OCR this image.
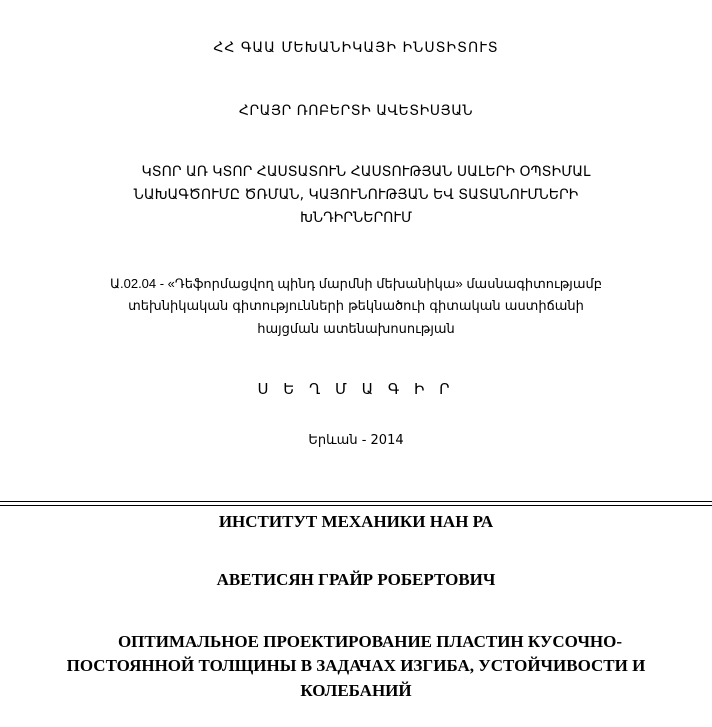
ՀՀ ԳԱԱ ՄԵԽԱՆԻԿԱՅԻ ԻՆՍՏԻՏՈՒՏ
ՀՐԱՅՐ ՌՈԲԵՐՏԻ ԱՎԵՏԻՍՅԱՆ
ԿՏՈՐ ԱՌ ԿՏՈՐ ՀԱՍՏԱՏՈՒՆ ՀԱՍՏՈՒԹՅԱՆ ՍԱԼԵՐԻ ՕՊՏԻՄԱԼ
ՆԱԽԱԳԾՈՒՄԸ ԾՌՄԱՆ, ԿԱՅՈՒՆՈՒԹՅԱՆ ԵՎ ՏԱՏԱՆՈՒՄՆԵՐԻ
ԽՆԴԻՐՆԵՐՈՒՄ
Ա.02.04 - «Դեֆորմացվող պինդ մարմնի մեխանիկա» մասնագիտությամբ
տեխնիկական գիտությունների թեկնածուի գիտական աստիճանի
հայցման ատենախոսության
Ս Ե Ղ Մ Ա Գ Ի Ր
Երևան - 2014
ИНСТИТУТ МЕХАНИКИ НАН РА
АВЕТИСЯН ГРАЙР РОБЕРТОВИЧ
ОПТИМАЛЬНОЕ ПРОЕКТИРОВАНИЕ ПЛАСТИН КУСОЧНО-
ПОСТОЯННОЙ ТОЛЩИНЫ В ЗАДАЧАХ ИЗГИБА, УСТОЙЧИВОСТИ И
КОЛЕБАНИЙ
